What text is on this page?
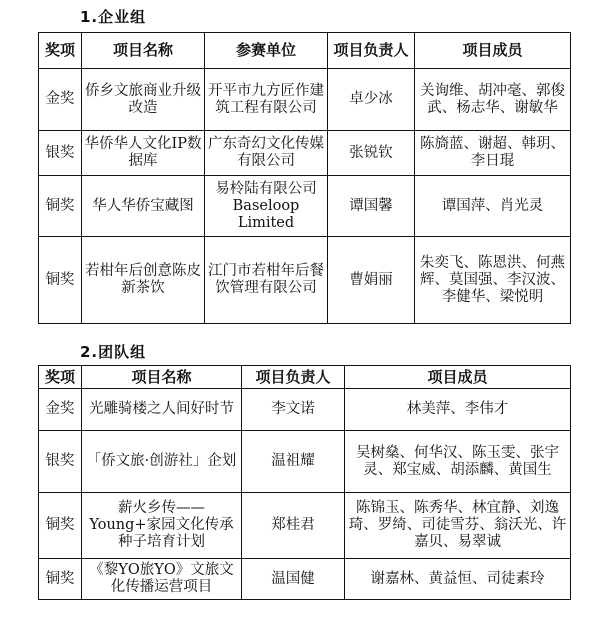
1.企业组
奖项	项目名称	参赛单位	项目负责人	项目成员
金奖	侨乡文旅商业升级改造	开平市九方匠作建筑工程有限公司	卓少冰	关询维、胡冲毫、郭俊武、杨志华、谢敏华
银奖	华侨华人文化IP数据库	广东奇幻文化传媒有限公司	张锐钦	陈旖蓝、谢超、韩玥、李日琨
铜奖	华人华侨宝藏图	易柃陆有限公司 Baseloop Limited	谭国馨	谭国萍、肖光灵
铜奖	若柑年后创意陈皮新茶饮	江门市若柑年后餐饮管理有限公司	曹娟丽	朱奕飞、陈恩洪、何燕辉、莫国强、李汉波、李健华、梁悦明
2.团队组
奖项	项目名称	项目负责人	项目成员
金奖	光雕骑楼之人间好时节	李文诺	林美萍、李伟才
银奖	「侨文旅·创游社」企划	温祖耀	吴树燊、何华汉、陈玉雯、张宇灵、郑宝威、胡添麟、黄国生
铜奖	薪火乡传——Young+家园文化传承种子培育计划	郑桂君	陈锦玉、陈秀华、林宜静、刘逸琦、罗绮、司徒雪芬、翁沃光、许嘉贝、易翠诚
铜奖	《黎YO旅YO》文旅文化传播运营项目	温国健	谢嘉林、黄益恒、司徒素玲
